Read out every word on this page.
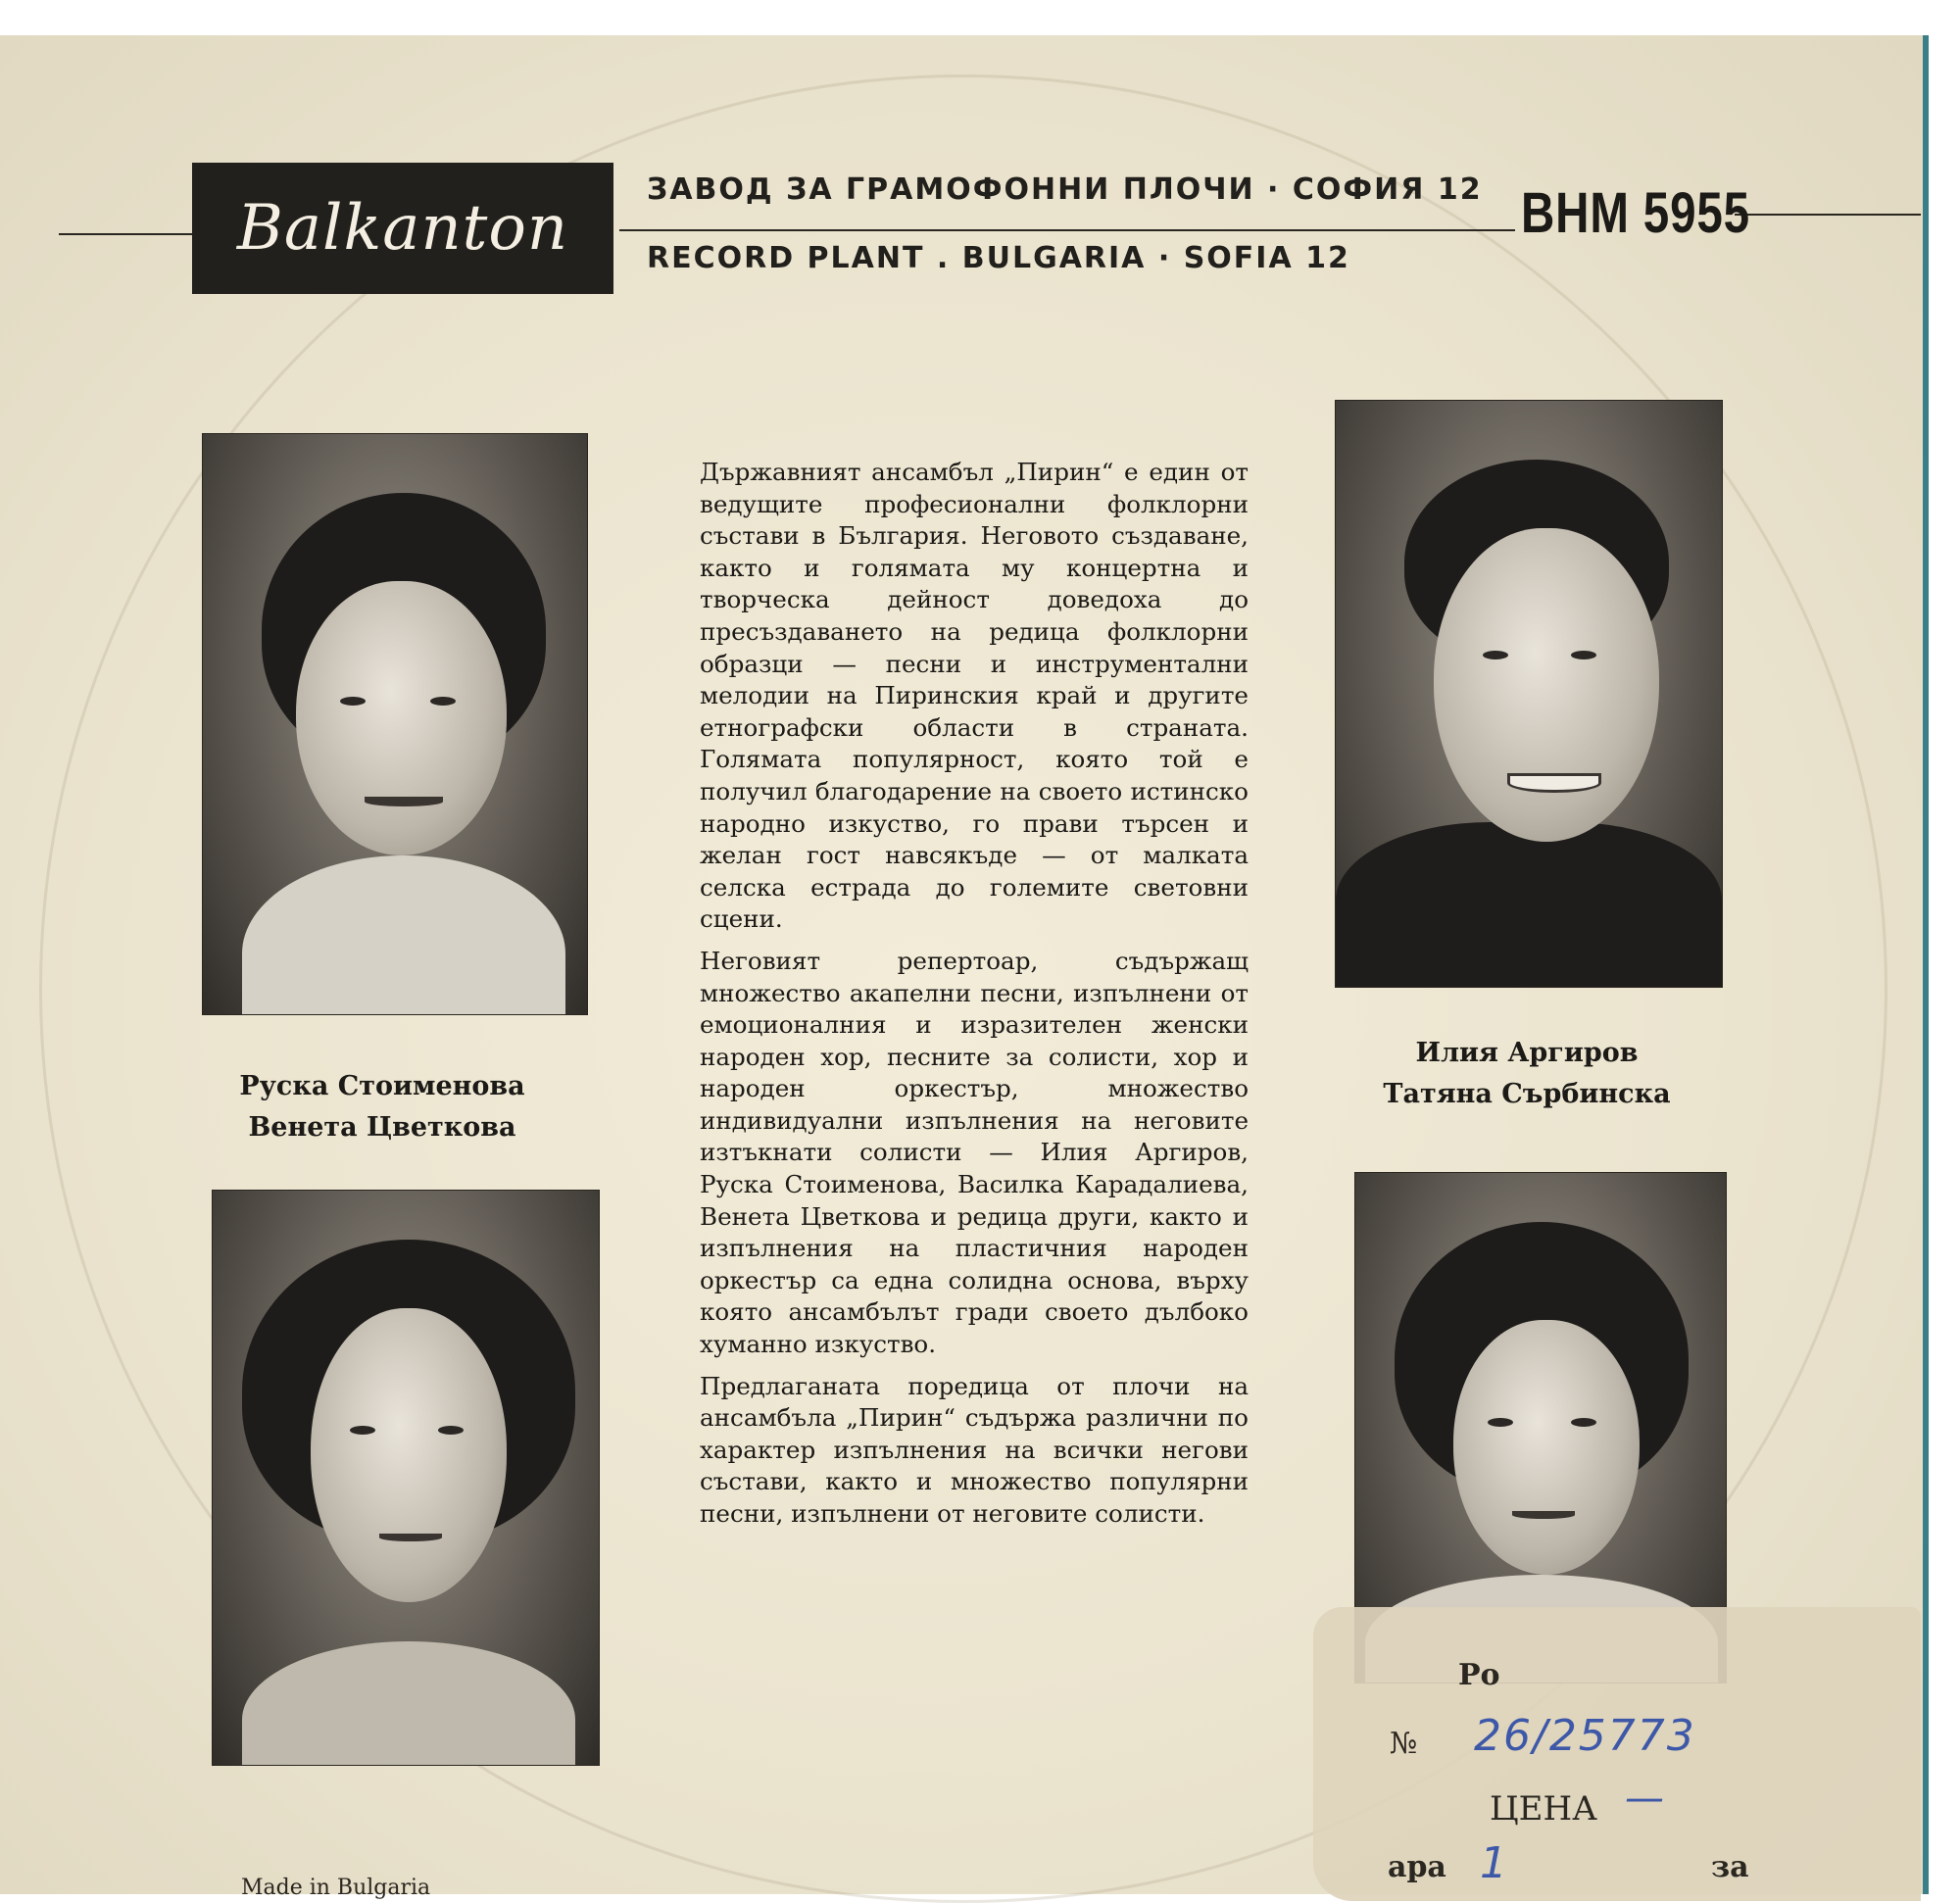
Balkanton
ЗАВОД ЗА ГРАМОФОННИ ПЛОЧИ · СОФИЯ 12
RECORD PLANT . BULGARIA · SOFIA 12
ВНМ 5955
Руска Стоименова
Венета Цветкова
Илия Аргиров
Татяна Сърбинска

Държавният ансамбъл „Пирин“ е един от ведущите професионални фолклорни състави в България. Неговото създаване, както и голямата му концертна и творческа дейност доведоха до пресъздаването на редица фолклорни образци — песни и инструментални мелодии на Пиринския край и другите етнографски области в страната. Голямата популярност, която той е получил благодарение на своето истинско народно изкуство, го прави търсен и желан гост навсякъде — от малката селска естрада до големите световни сцени.

Неговият репертоар, съдържащ множество акапелни песни, изпълнени от емоционалния и изразителен женски народен хор, песните за солисти, хор и народен оркестър, множество индивидуални изпълнения на неговите изтъкнати солисти — Илия Аргиров, Руска Стоименова, Василка Карадалиева, Венета Цветкова и редица други, както и изпълнения на пластичния народен оркестър са една солидна основа, върху която ансамбълът гради своето дълбоко хуманно изкуство.

Предлаганата поредица от плочи на ансамбъла „Пирин“ съдържа различни по характер изпълнения на всички негови състави, както и множество популярни песни, изпълнени от неговите солисти.

Ро
№ 26/25773
ЦЕНА —
ара 1	за
Made in Bulgaria
